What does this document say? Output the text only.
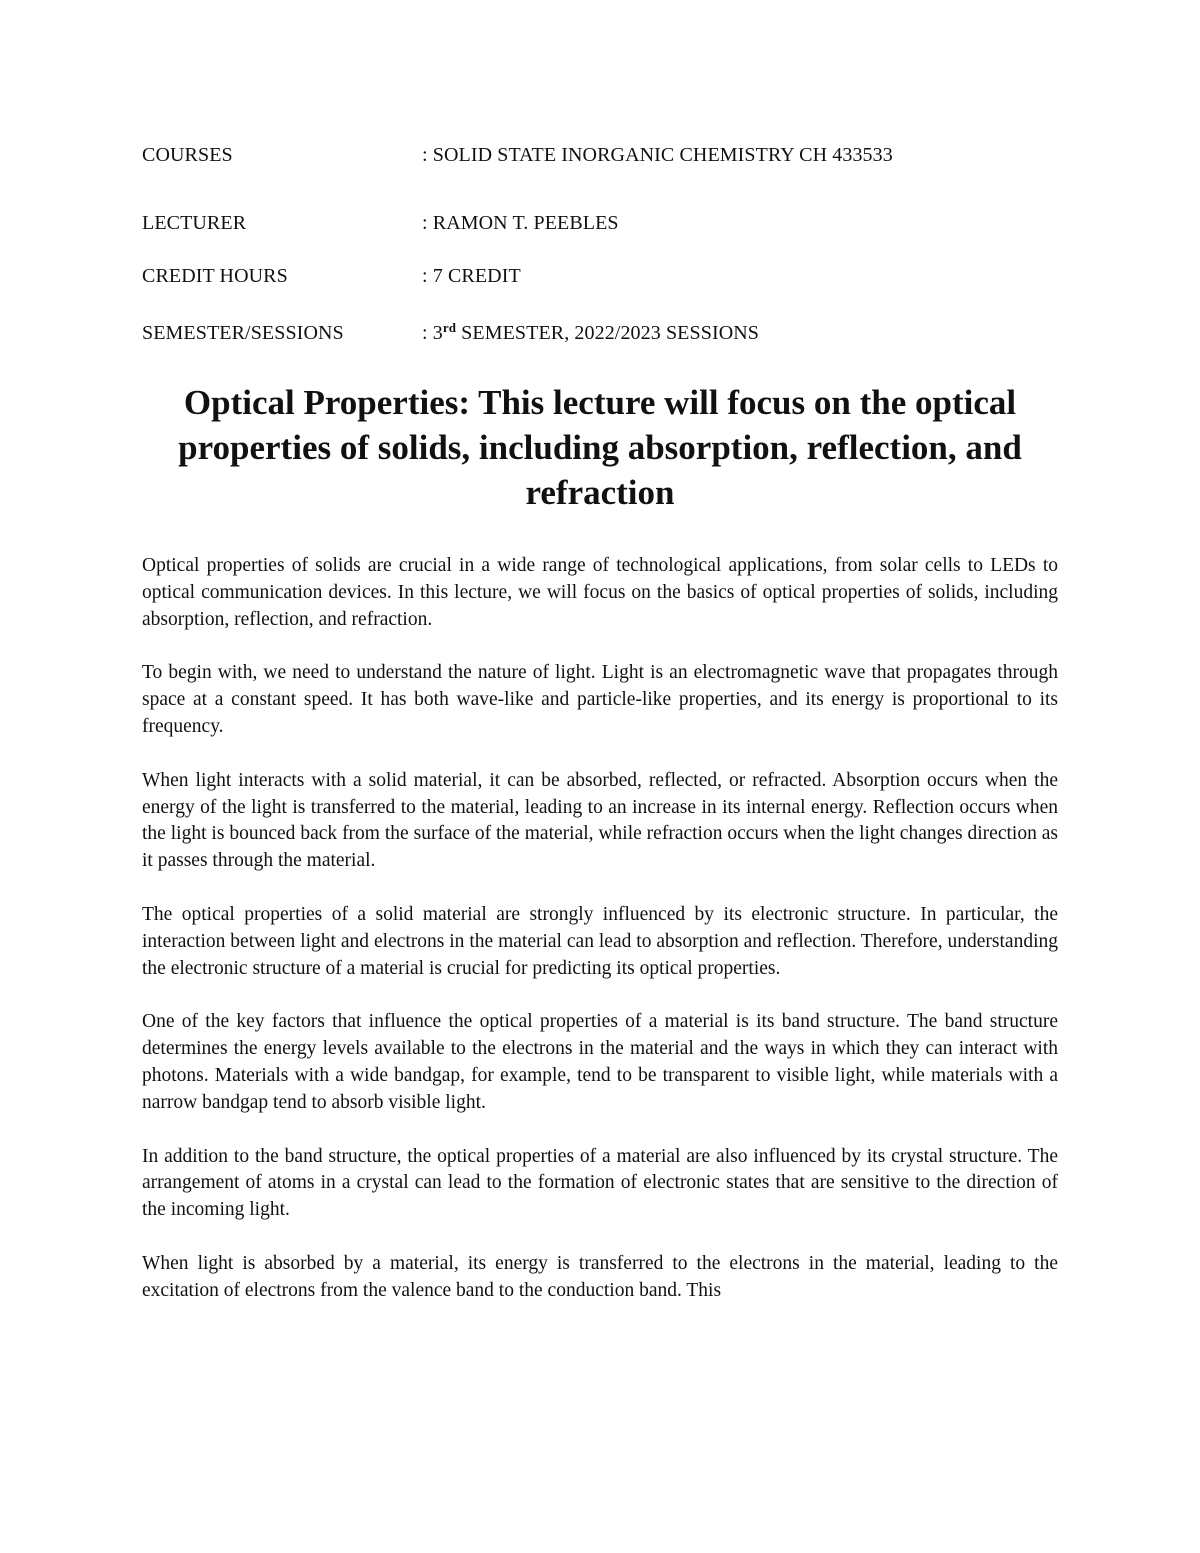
COURSES	: SOLID STATE INORGANIC CHEMISTRY CH 433533
LECTURER	: RAMON T. PEEBLES
CREDIT HOURS	: 7 CREDIT
SEMESTER/SESSIONS	: 3rd SEMESTER, 2022/2023 SESSIONS
Optical Properties: This lecture will focus on the optical properties of solids, including absorption, reflection, and refraction

Optical properties of solids are crucial in a wide range of technological applications, from solar cells to LEDs to optical communication devices. In this lecture, we will focus on the basics of optical properties of solids, including absorption, reflection, and refraction.

To begin with, we need to understand the nature of light. Light is an electromagnetic wave that propagates through space at a constant speed. It has both wave-like and particle-like properties, and its energy is proportional to its frequency.

When light interacts with a solid material, it can be absorbed, reflected, or refracted. Absorption occurs when the energy of the light is transferred to the material, leading to an increase in its internal energy. Reflection occurs when the light is bounced back from the surface of the material, while refraction occurs when the light changes direction as it passes through the material.

The optical properties of a solid material are strongly influenced by its electronic structure. In particular, the interaction between light and electrons in the material can lead to absorption and reflection. Therefore, understanding the electronic structure of a material is crucial for predicting its optical properties.

One of the key factors that influence the optical properties of a material is its band structure. The band structure determines the energy levels available to the electrons in the material and the ways in which they can interact with photons. Materials with a wide bandgap, for example, tend to be transparent to visible light, while materials with a narrow bandgap tend to absorb visible light.

In addition to the band structure, the optical properties of a material are also influenced by its crystal structure. The arrangement of atoms in a crystal can lead to the formation of electronic states that are sensitive to the direction of the incoming light.

When light is absorbed by a material, its energy is transferred to the electrons in the material, leading to the excitation of electrons from the valence band to the conduction band. This
